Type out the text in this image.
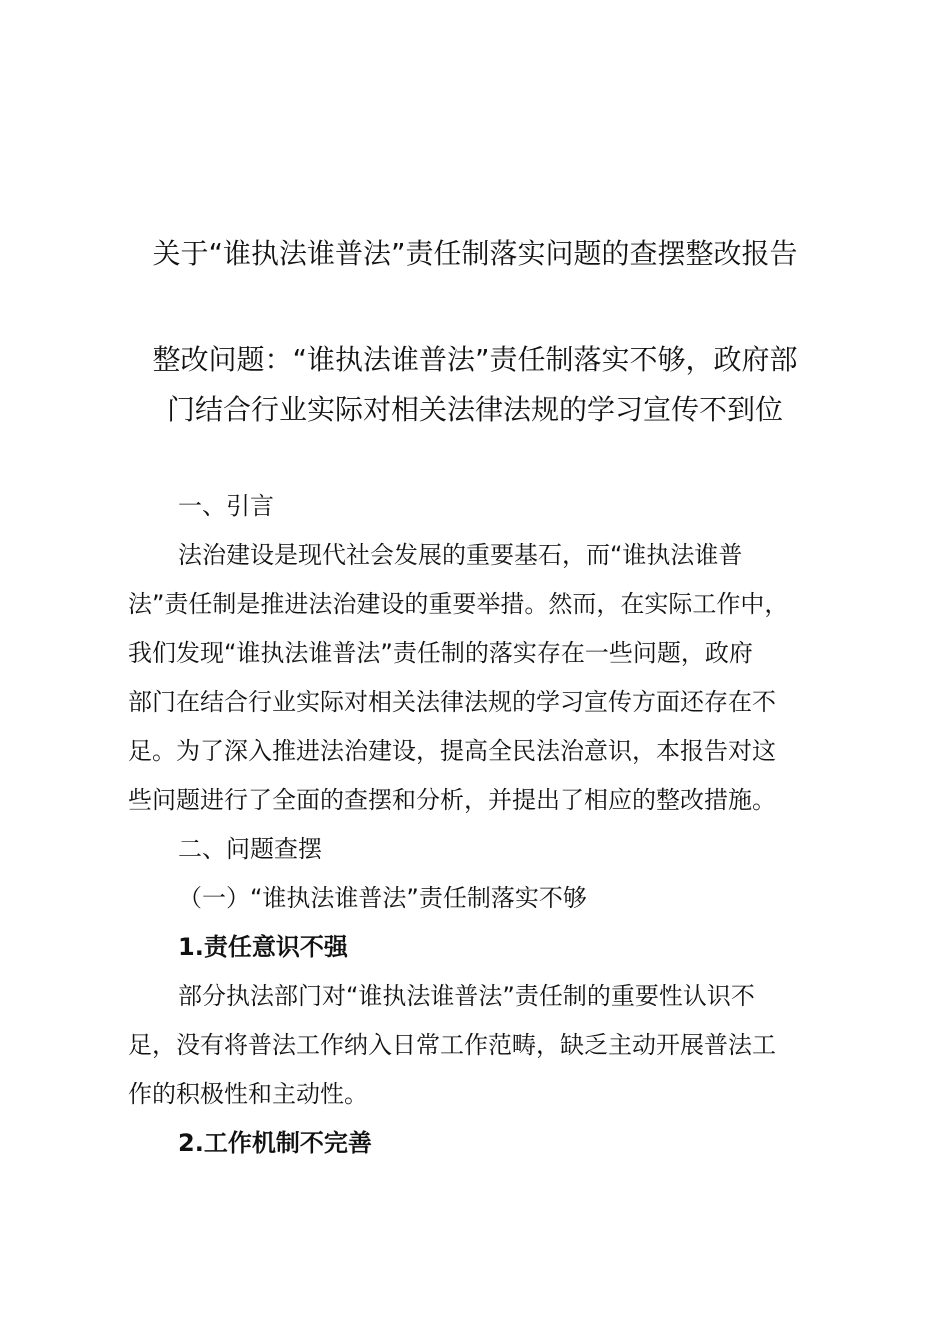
关于“谁执法谁普法”责任制落实问题的查摆整改报告
整改问题：“谁执法谁普法”责任制落实不够，政府部
门结合行业实际对相关法律法规的学习宣传不到位

一、引言

法治建设是现代社会发展的重要基石，而“谁执法谁普
法”责任制是推进法治建设的重要举措。然而，在实际工作中，
我们发现“谁执法谁普法”责任制的落实存在一些问题，政府
部门在结合行业实际对相关法律法规的学习宣传方面还存在不
足。为了深入推进法治建设，提高全民法治意识，本报告对这
些问题进行了全面的查摆和分析，并提出了相应的整改措施。

二、问题查摆

（一）“谁执法谁普法”责任制落实不够

1.责任意识不强

部分执法部门对“谁执法谁普法”责任制的重要性认识不
足，没有将普法工作纳入日常工作范畴，缺乏主动开展普法工
作的积极性和主动性。

2.工作机制不完善
